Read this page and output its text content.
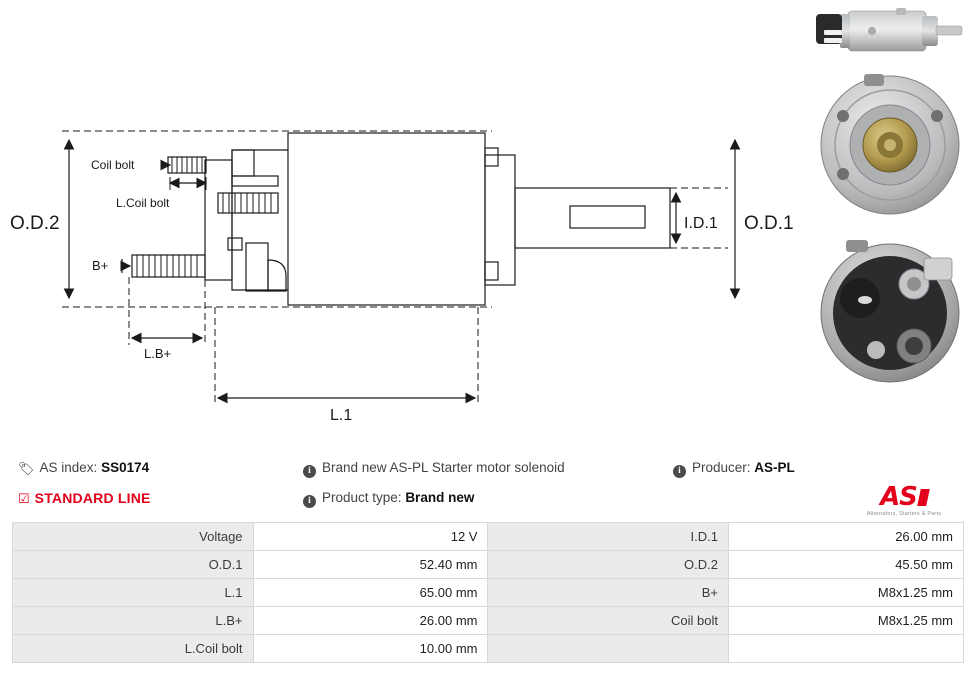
O.D.2	O.D.1
I.D.1
L.1
L.B+
B+
Coil bolt
L.Coil bolt
🏷 AS index: SS0174
☑ STANDARD LINE
i Brand new AS-PL Starter motor solenoid
i Product type: Brand new
i Producer: AS-PL
AS
Alternators, Starters & Parts
Voltage	12 V	I.D.1	26.00 mm
O.D.1	52.40 mm	O.D.2	45.50 mm
L.1	65.00 mm	B+	M8x1.25 mm
L.B+	26.00 mm	Coil bolt	M8x1.25 mm
L.Coil bolt	10.00 mm		
